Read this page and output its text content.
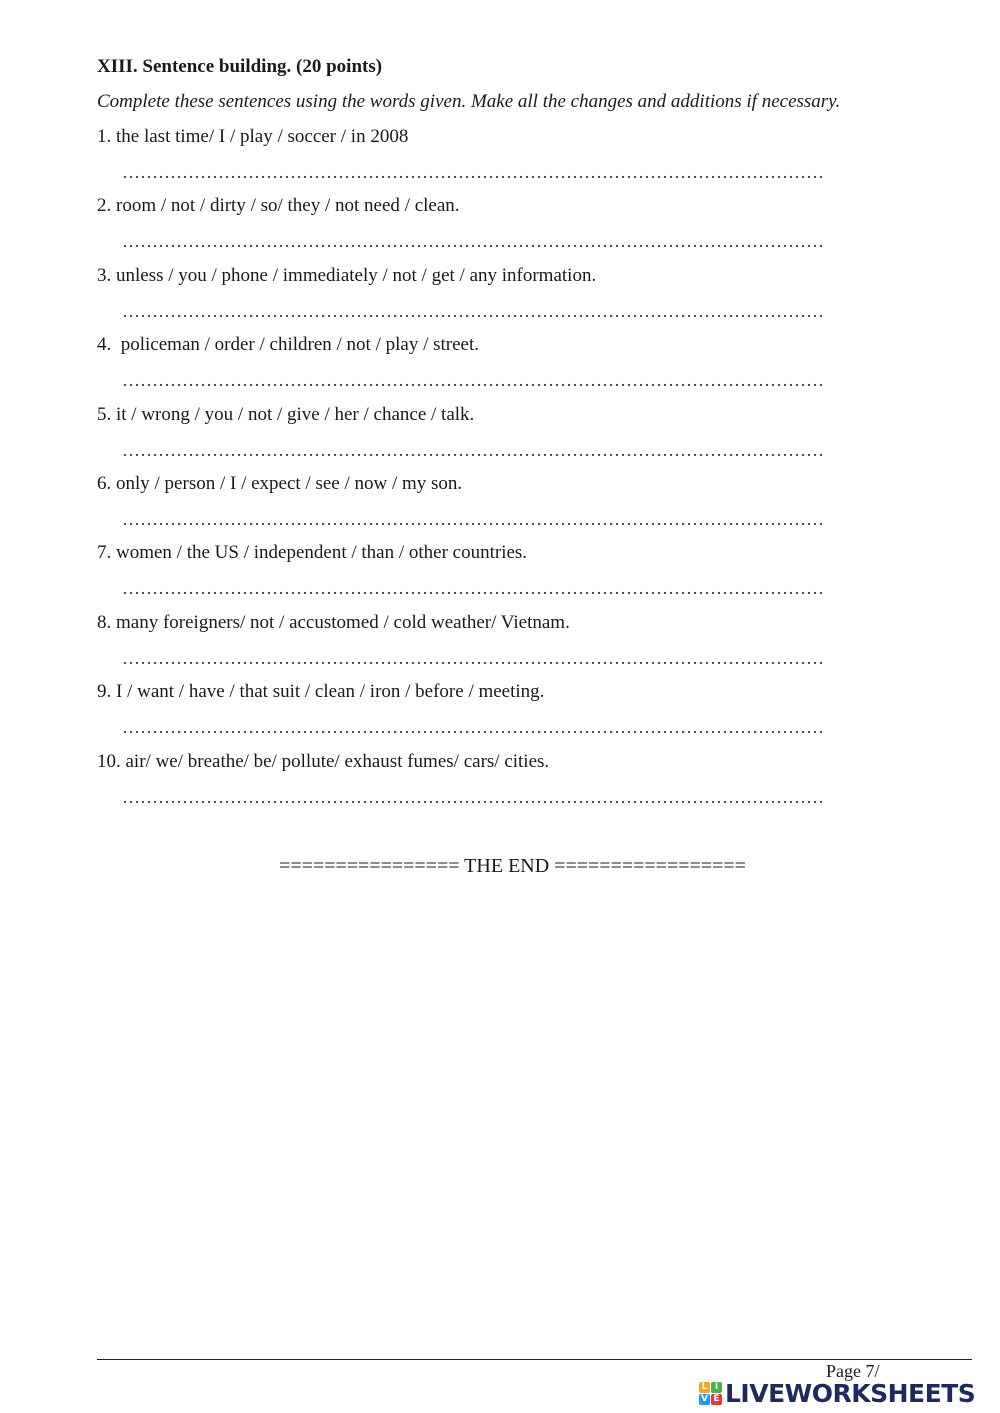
XIII. Sentence building. (20 points)
Complete these sentences using the words given. Make all the changes and additions if necessary.
1. the last time/ I / play / soccer / in 2008
………………………………………………………………………………………………………
2. room / not / dirty / so/ they / not need / clean.
………………………………………………………………………………………………………
3. unless / you / phone / immediately / not / get / any information.
………………………………………………………………………………………………………
4.  policeman / order / children / not / play / street.
………………………………………………………………………………………………………
5. it / wrong / you / not / give / her / chance / talk.
………………………………………………………………………………………………………
6. only / person / I / expect / see / now / my son.
………………………………………………………………………………………………………
7. women / the US / independent / than / other countries.
………………………………………………………………………………………………………
8. many foreigners/ not / accustomed / cold weather/ Vietnam.
………………………………………………………………………………………………………
9. I / want / have / that suit / clean / iron / before / meeting.
………………………………………………………………………………………………………
10. air/ we/ breathe/ be/ pollute/ exhaust fumes/ cars/ cities.
………………………………………………………………………………………………………
================ THE END =================
Page 7/
L I
V E LIVEWORKSHEETS
